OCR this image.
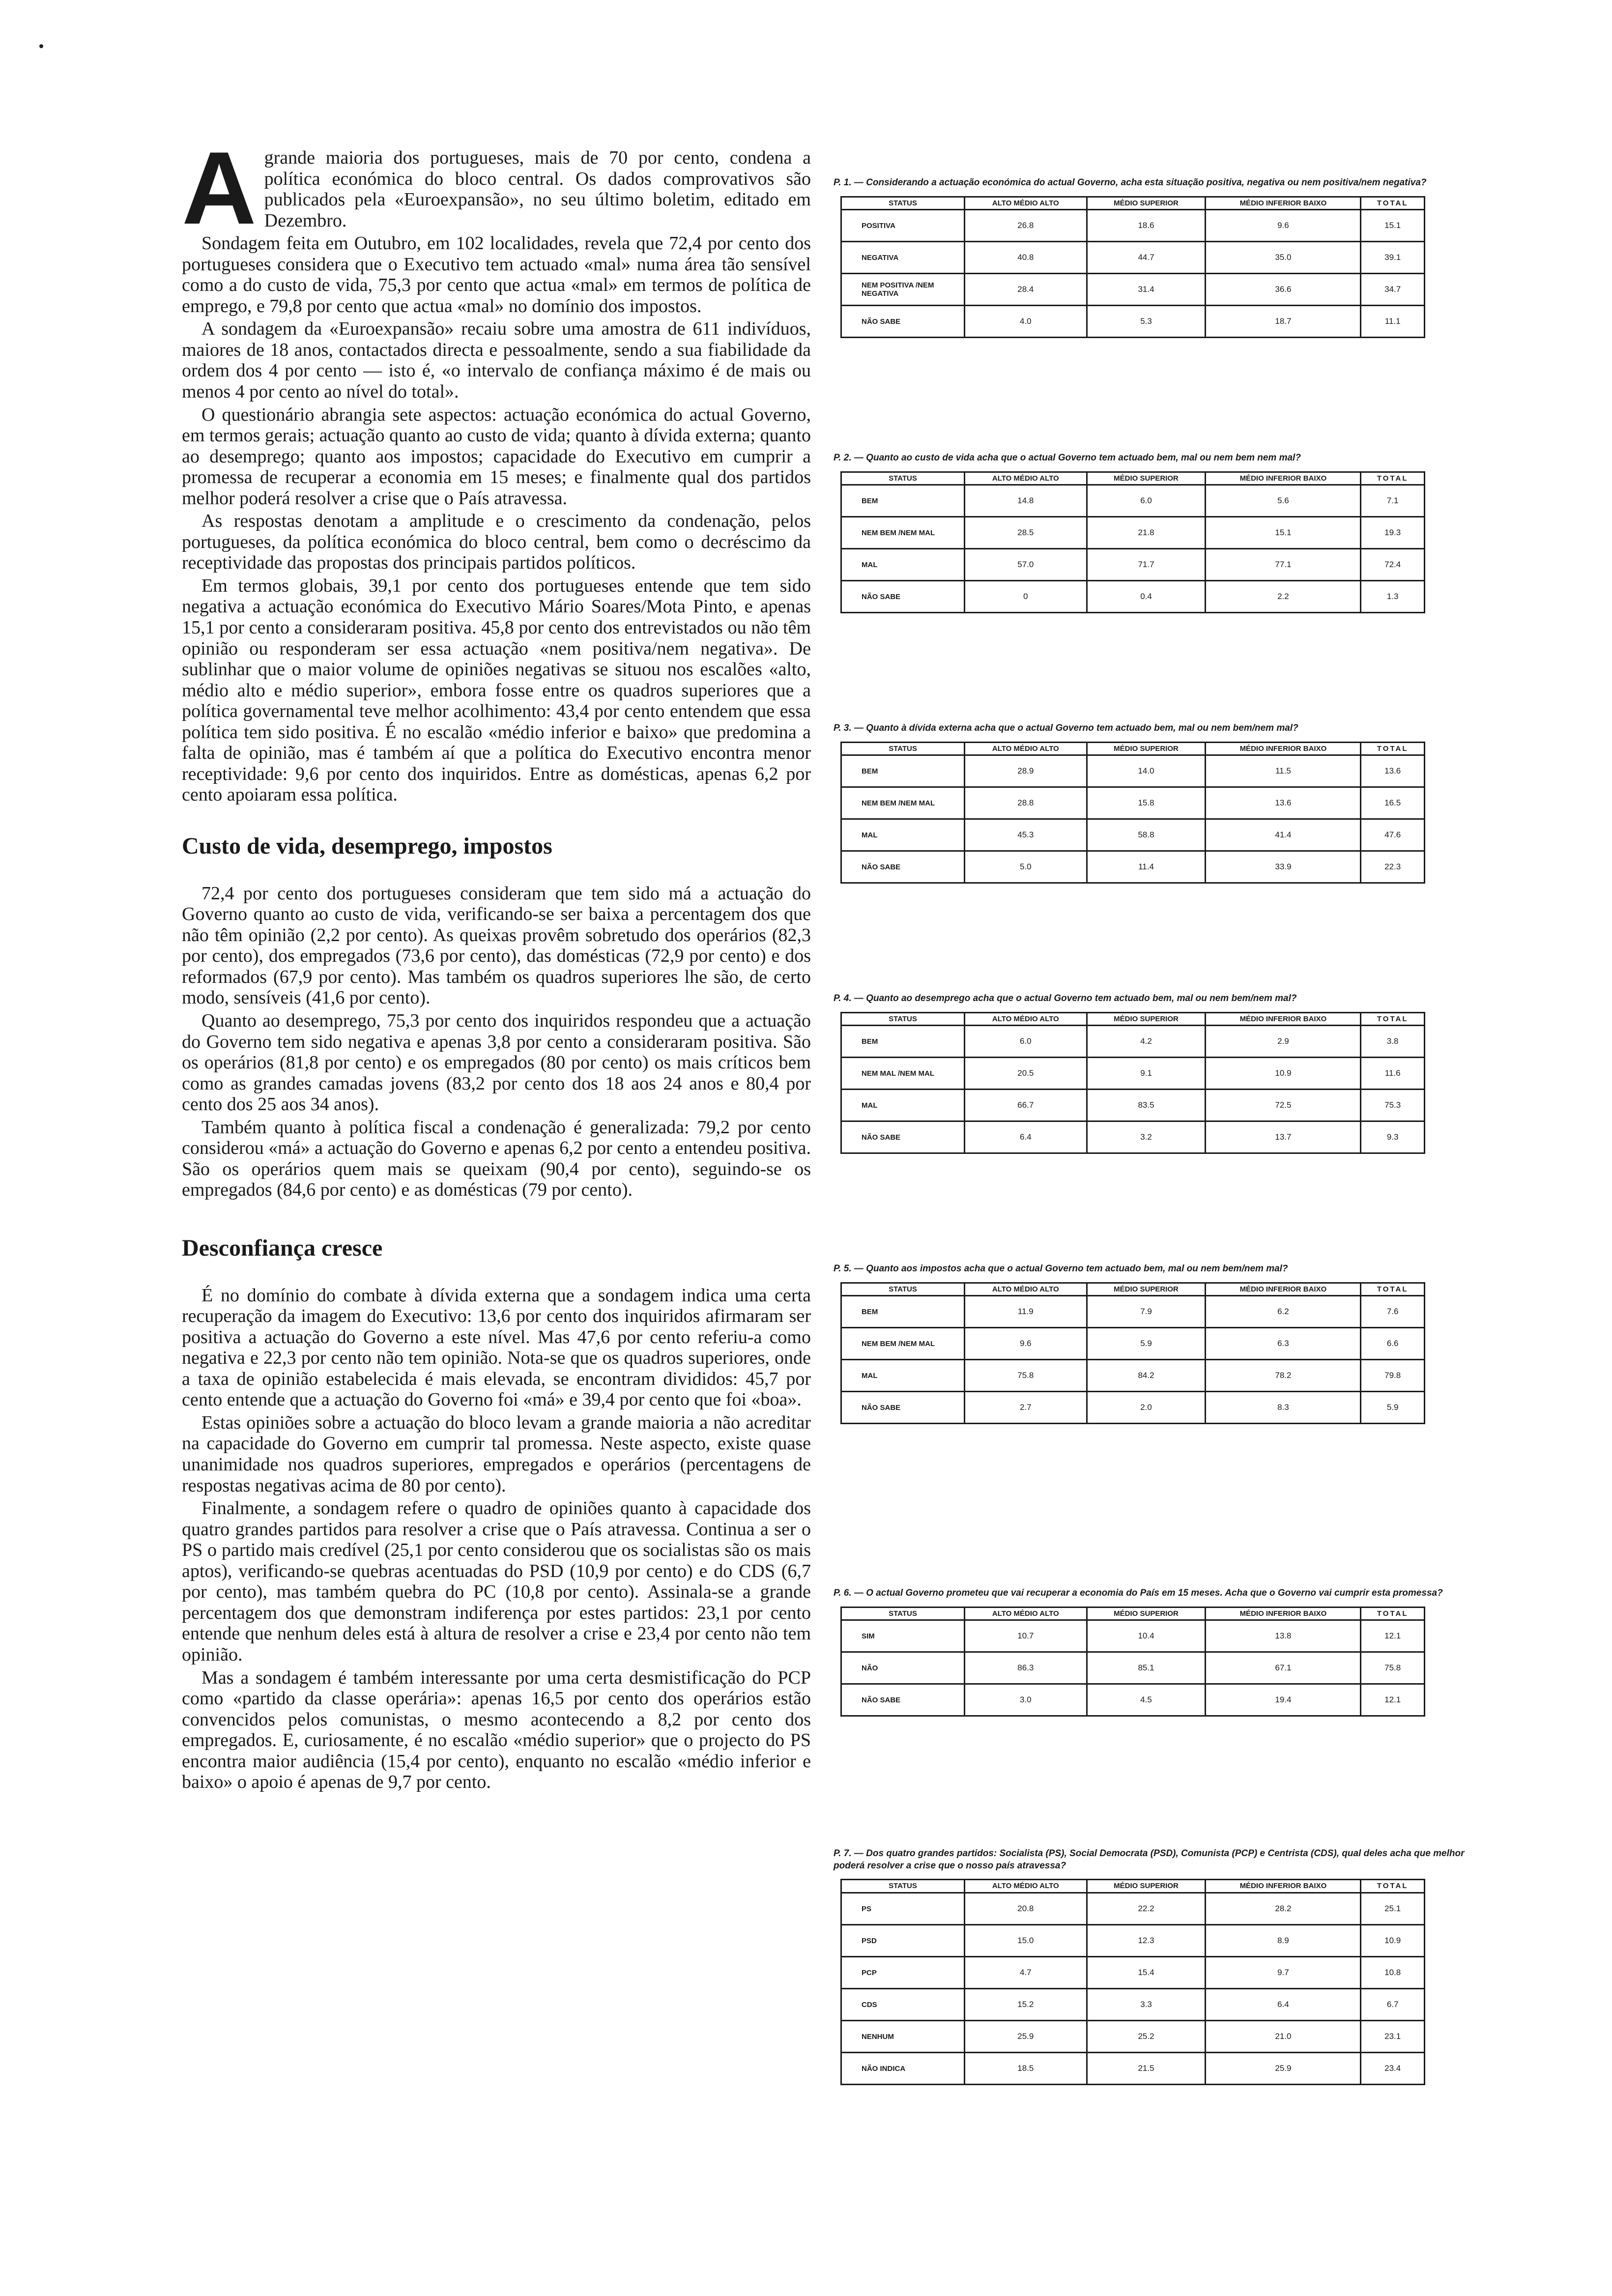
A grande maioria dos portugueses, mais de 70 por cento, condena a política económica do bloco central. Os dados comprovativos são publicados pela «Euroexpansão», no seu último boletim, editado em Dezembro.

Sondagem feita em Outubro, em 102 localidades, revela que 72,4 por cento dos portugueses considera que o Executivo tem actuado «mal» numa área tão sensível como a do custo de vida, 75,3 por cento que actua «mal» em termos de política de emprego, e 79,8 por cento que actua «mal» no domínio dos impostos.

A sondagem da «Euroexpansão» recaiu sobre uma amostra de 611 indivíduos, maiores de 18 anos, contactados directa e pessoalmente, sendo a sua fiabilidade da ordem dos 4 por cento — isto é, «o intervalo de confiança máximo é de mais ou menos 4 por cento ao nível do total».

O questionário abrangia sete aspectos: actuação económica do actual Governo, em termos gerais; actuação quanto ao custo de vida; quanto à dívida externa; quanto ao desemprego; quanto aos impostos; capacidade do Executivo em cumprir a promessa de recuperar a economia em 15 meses; e finalmente qual dos partidos melhor poderá resolver a crise que o País atravessa.

As respostas denotam a amplitude e o crescimento da condenação, pelos portugueses, da política económica do bloco central, bem como o decréscimo da receptividade das propostas dos principais partidos políticos.

Em termos globais, 39,1 por cento dos portugueses entende que tem sido negativa a actuação económica do Executivo Mário Soares/Mota Pinto, e apenas 15,1 por cento a consideraram positiva. 45,8 por cento dos entrevistados ou não têm opinião ou responderam ser essa actuação «nem positiva/nem negativa». De sublinhar que o maior volume de opiniões negativas se situou nos escalões «alto, médio alto e médio superior», embora fosse entre os quadros superiores que a política governamental teve melhor acolhimento: 43,4 por cento entendem que essa política tem sido positiva. É no escalão «médio inferior e baixo» que predomina a falta de opinião, mas é também aí que a política do Executivo encontra menor receptividade: 9,6 por cento dos inquiridos. Entre as domésticas, apenas 6,2 por cento apoiaram essa política.

Custo de vida, desemprego, impostos

72,4 por cento dos portugueses consideram que tem sido má a actuação do Governo quanto ao custo de vida, verificando-se ser baixa a percentagem dos que não têm opinião (2,2 por cento). As queixas provêm sobretudo dos operários (82,3 por cento), dos empregados (73,6 por cento), das domésticas (72,9 por cento) e dos reformados (67,9 por cento). Mas também os quadros superiores lhe são, de certo modo, sensíveis (41,6 por cento).

Quanto ao desemprego, 75,3 por cento dos inquiridos respondeu que a actuação do Governo tem sido negativa e apenas 3,8 por cento a consideraram positiva. São os operários (81,8 por cento) e os empregados (80 por cento) os mais críticos bem como as grandes camadas jovens (83,2 por cento dos 18 aos 24 anos e 80,4 por cento dos 25 aos 34 anos).

Também quanto à política fiscal a condenação é generalizada: 79,2 por cento considerou «má» a actuação do Governo e apenas 6,2 por cento a entendeu positiva. São os operários quem mais se queixam (90,4 por cento), seguindo-se os empregados (84,6 por cento) e as domésticas (79 por cento).

Desconfiança cresce

É no domínio do combate à dívida externa que a sondagem indica uma certa recuperação da imagem do Executivo: 13,6 por cento dos inquiridos afirmaram ser positiva a actuação do Governo a este nível. Mas 47,6 por cento referiu-a como negativa e 22,3 por cento não tem opinião. Nota-se que os quadros superiores, onde a taxa de opinião estabelecida é mais elevada, se encontram divididos: 45,7 por cento entende que a actuação do Governo foi «má» e 39,4 por cento que foi «boa».

Estas opiniões sobre a actuação do bloco levam a grande maioria a não acreditar na capacidade do Governo em cumprir tal promessa. Neste aspecto, existe quase unanimidade nos quadros superiores, empregados e operários (percentagens de respostas negativas acima de 80 por cento).

Finalmente, a sondagem refere o quadro de opiniões quanto à capacidade dos quatro grandes partidos para resolver a crise que o País atravessa. Continua a ser o PS o partido mais credível (25,1 por cento considerou que os socialistas são os mais aptos), verificando-se quebras acentuadas do PSD (10,9 por cento) e do CDS (6,7 por cento), mas também quebra do PC (10,8 por cento). Assinala-se a grande percentagem dos que demonstram indiferença por estes partidos: 23,1 por cento entende que nenhum deles está à altura de resolver a crise e 23,4 por cento não tem opinião.

Mas a sondagem é também interessante por uma certa desmistificação do PCP como «partido da classe operária»: apenas 16,5 por cento dos operários estão convencidos pelos comunistas, o mesmo acontecendo a 8,2 por cento dos empregados. E, curiosamente, é no escalão «médio superior» que o projecto do PS encontra maior audiência (15,4 por cento), enquanto no escalão «médio inferior e baixo» o apoio é apenas de 9,7 por cento.

P. 1. — Considerando a actuação económica do actual Governo, acha esta situação positiva, negativa ou nem positiva/nem negativa?

STATUS	ALTO MÉDIO ALTO	MÉDIO SUPERIOR	MÉDIO INFERIOR BAIXO	TOTAL
POSITIVA	26.8	18.6	9.6	15.1
NEGATIVA	40.8	44.7	35.0	39.1
NEM POSITIVA /NEM NEGATIVA	28.4	31.4	36.6	34.7
NÃO SABE	4.0	5.3	18.7	11.1

P. 2. — Quanto ao custo de vida acha que o actual Governo tem actuado bem, mal ou nem bem nem mal?

STATUS	ALTO MÉDIO ALTO	MÉDIO SUPERIOR	MÉDIO INFERIOR BAIXO	TOTAL
BEM	14.8	6.0	5.6	7.1
NEM BEM /NEM MAL	28.5	21.8	15.1	19.3
MAL	57.0	71.7	77.1	72.4
NÃO SABE	0	0.4	2.2	1.3

P. 3. — Quanto à dívida externa acha que o actual Governo tem actuado bem, mal ou nem bem/nem mal?

STATUS	ALTO MÉDIO ALTO	MÉDIO SUPERIOR	MÉDIO INFERIOR BAIXO	TOTAL
BEM	28.9	14.0	11.5	13.6
NEM BEM /NEM MAL	28.8	15.8	13.6	16.5
MAL	45.3	58.8	41.4	47.6
NÃO SABE	5.0	11.4	33.9	22.3

P. 4. — Quanto ao desemprego acha que o actual Governo tem actuado bem, mal ou nem bem/nem mal?

STATUS	ALTO MÉDIO ALTO	MÉDIO SUPERIOR	MÉDIO INFERIOR BAIXO	TOTAL
BEM	6.0	4.2	2.9	3.8
NEM MAL /NEM MAL	20.5	9.1	10.9	11.6
MAL	66.7	83.5	72.5	75.3
NÃO SABE	6.4	3.2	13.7	9.3

P. 5. — Quanto aos impostos acha que o actual Governo tem actuado bem, mal ou nem bem/nem mal?

STATUS	ALTO MÉDIO ALTO	MÉDIO SUPERIOR	MÉDIO INFERIOR BAIXO	TOTAL
BEM	11.9	7.9	6.2	7.6
NEM BEM /NEM MAL	9.6	5.9	6.3	6.6
MAL	75.8	84.2	78.2	79.8
NÃO SABE	2.7	2.0	8.3	5.9

P. 6. — O actual Governo prometeu que vai recuperar a economia do País em 15 meses. Acha que o Governo vai cumprir esta promessa?

STATUS	ALTO MÉDIO ALTO	MÉDIO SUPERIOR	MÉDIO INFERIOR BAIXO	TOTAL
SIM	10.7	10.4	13.8	12.1
NÃO	86.3	85.1	67.1	75.8
NÃO SABE	3.0	4.5	19.4	12.1

P. 7. — Dos quatro grandes partidos: Socialista (PS), Social Democrata (PSD), Comunista (PCP) e Centrista (CDS), qual deles acha que melhor poderá resolver a crise que o nosso país atravessa?

STATUS	ALTO MÉDIO ALTO	MÉDIO SUPERIOR	MÉDIO INFERIOR BAIXO	TOTAL
PS	20.8	22.2	28.2	25.1
PSD	15.0	12.3	8.9	10.9
PCP	4.7	15.4	9.7	10.8
CDS	15.2	3.3	6.4	6.7
NENHUM	25.9	25.2	21.0	23.1
NÃO INDICA	18.5	21.5	25.9	23.4
